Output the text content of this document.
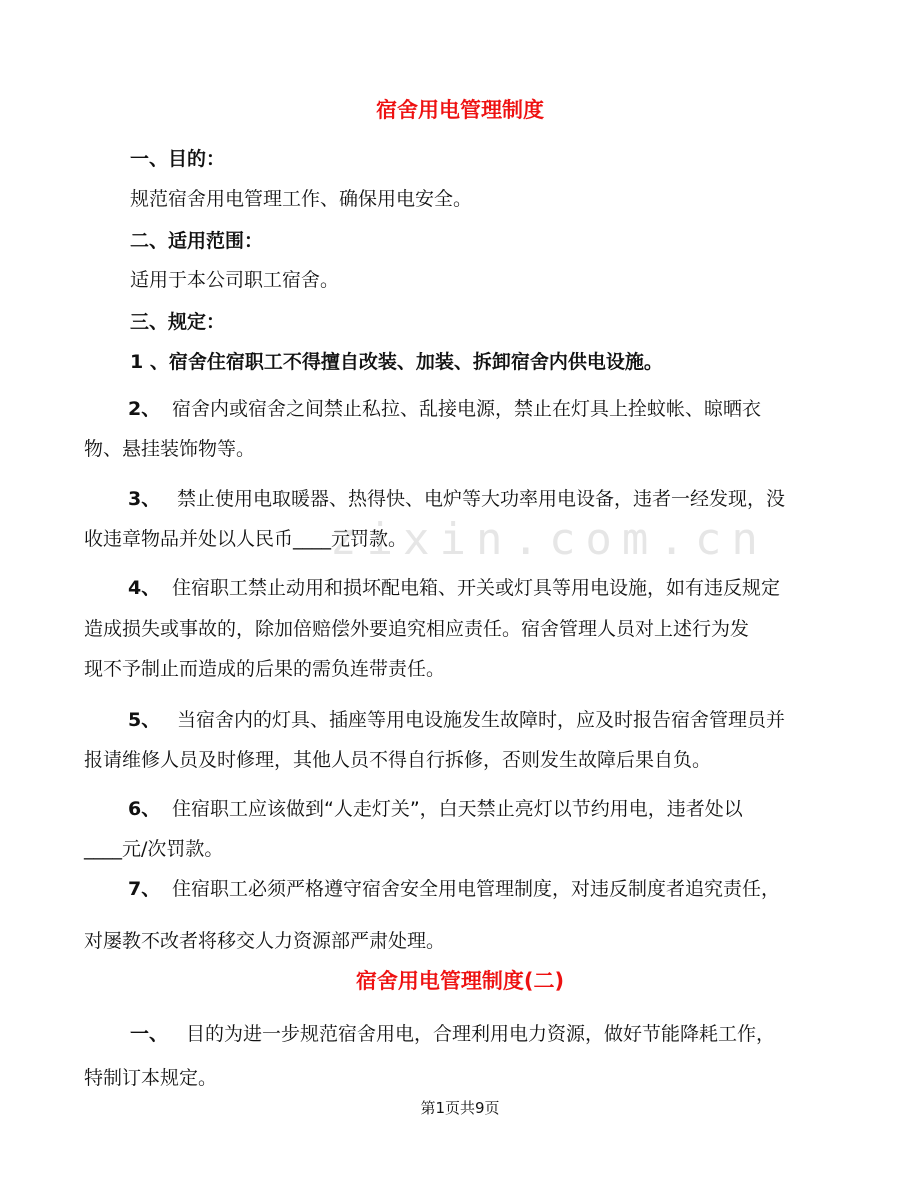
zixin.com.cn
宿舍用电管理制度
一、目的：
规范宿舍用电管理工作、确保用电安全。
二、适用范围：
适用于本公司职工宿舍。
三、规定：
1 、宿舍住宿职工不得擅自改装、加装、拆卸宿舍内供电设施。
2、 宿舍内或宿舍之间禁止私拉、乱接电源，禁止在灯具上拴蚊帐、晾晒衣
物、悬挂装饰物等。
3、 禁止使用电取暖器、热得快、电炉等大功率用电设备，违者一经发现，没
收违章物品并处以人民币____元罚款。
4、 住宿职工禁止动用和损坏配电箱、开关或灯具等用电设施，如有违反规定
造成损失或事故的，除加倍赔偿外要追究相应责任。宿舍管理人员对上述行为发
现不予制止而造成的后果的需负连带责任。
5、 当宿舍内的灯具、插座等用电设施发生故障时，应及时报告宿舍管理员并
报请维修人员及时修理，其他人员不得自行拆修，否则发生故障后果自负。
6、 住宿职工应该做到“人走灯关”，白天禁止亮灯以节约用电，违者处以
____元/次罚款。
7、 住宿职工必须严格遵守宿舍安全用电管理制度，对违反制度者追究责任，
对屡教不改者将移交人力资源部严肃处理。
宿舍用电管理制度(二)
一、 目的为进一步规范宿舍用电，合理利用电力资源，做好节能降耗工作，
特制订本规定。
第1页共9页
